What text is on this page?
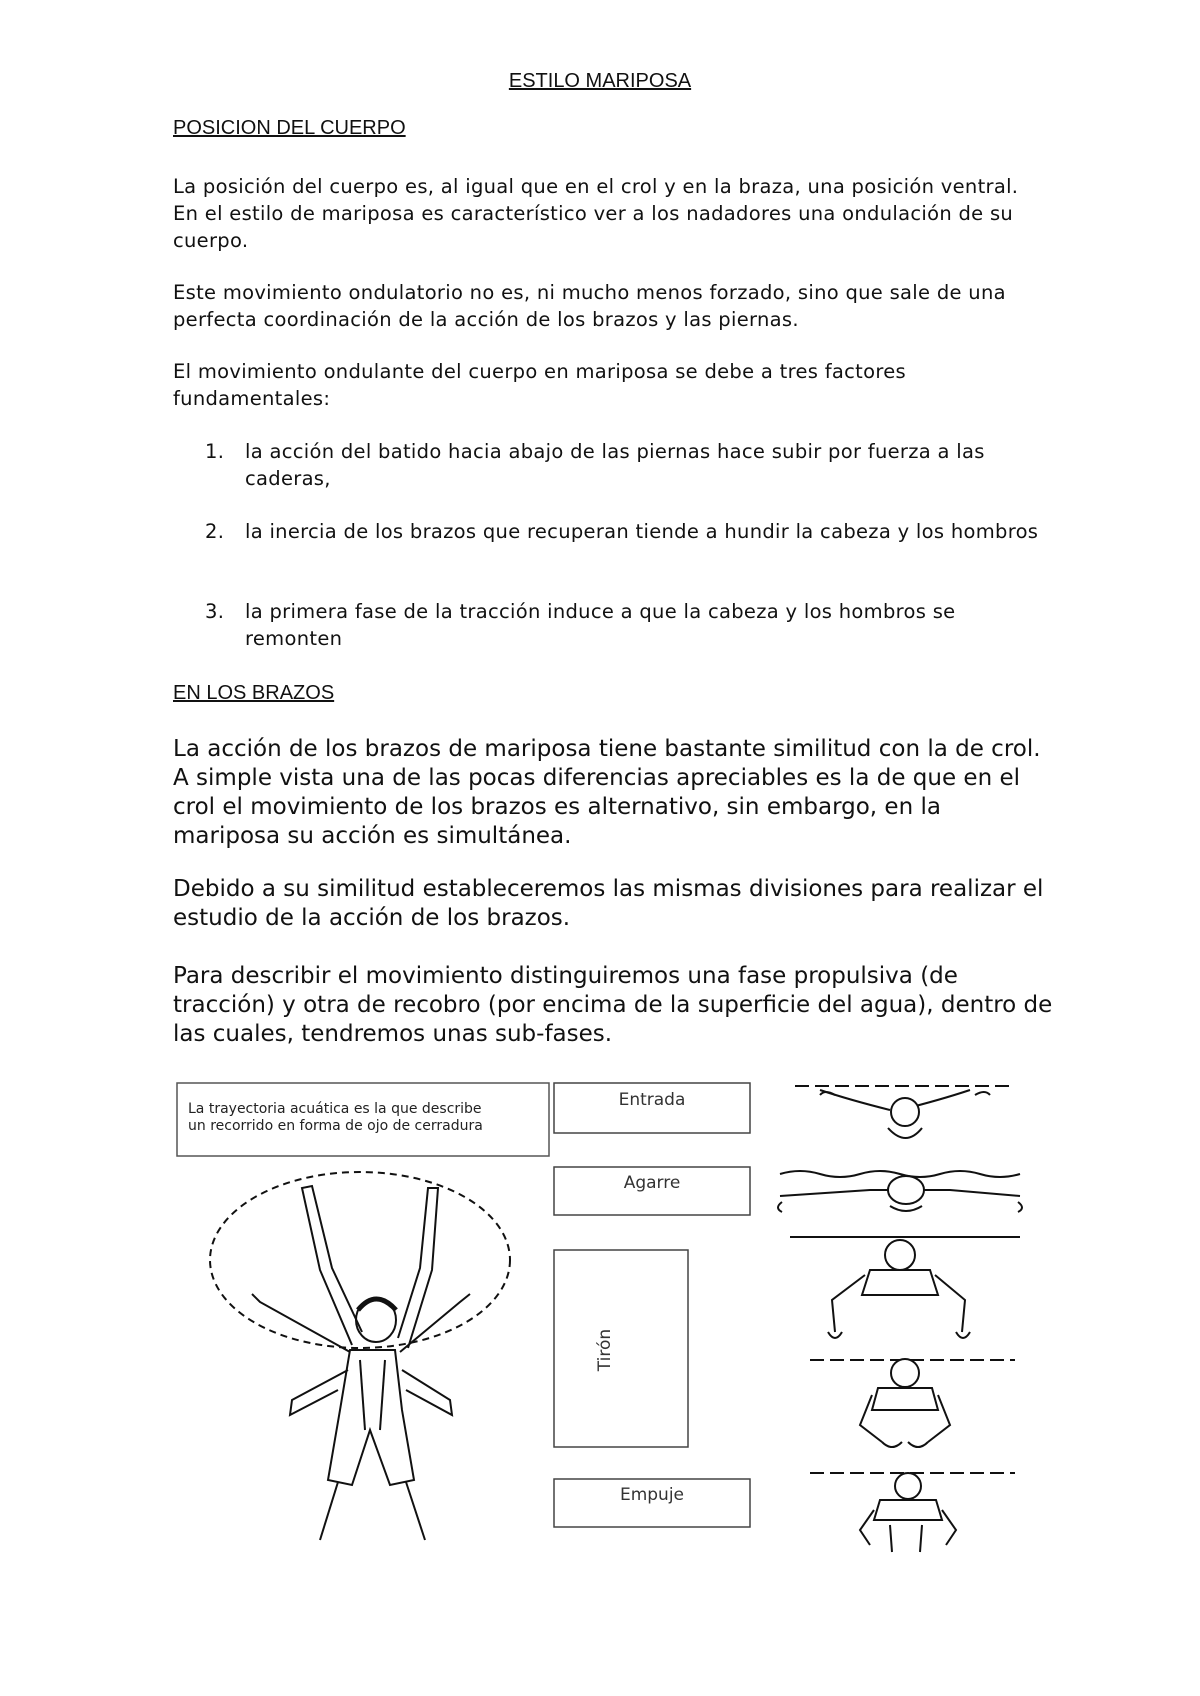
ESTILO MARIPOSA
POSICION DEL CUERPO

La posición del cuerpo es, al igual que en el crol y en la braza, una posición ventral. En el estilo de mariposa es característico ver a los nadadores una ondulación de su cuerpo.

Este movimiento ondulatorio no es, ni mucho menos forzado, sino que sale de una perfecta coordinación de la acción de los brazos y las piernas.

El movimiento ondulante del cuerpo en mariposa se debe a tres factores fundamentales:

1. la acción del batido hacia abajo de las piernas hace subir por fuerza a las caderas,
2. la inercia de los brazos que recuperan tiende a hundir la cabeza y los hombros
3. la primera fase de la tracción induce a que la cabeza y los hombros se remonten
EN LOS BRAZOS

La acción de los brazos de mariposa tiene bastante similitud con la de crol. A simple vista una de las pocas diferencias apreciables es la de que en el crol el movimiento de los brazos es alternativo, sin embargo, en la mariposa su acción es simultánea.

Debido a su similitud estableceremos las mismas divisiones para realizar el estudio de la acción de los brazos.

Para describir el movimiento distinguiremos una fase propulsiva (de tracción) y otra de recobro (por encima de la superficie del agua), dentro de las cuales, tendremos unas sub-fases.

La trayectoria acuática es la que describe
un recorrido en forma de ojo de cerradura
Entrada
Agarre
Tirón
Empuje
